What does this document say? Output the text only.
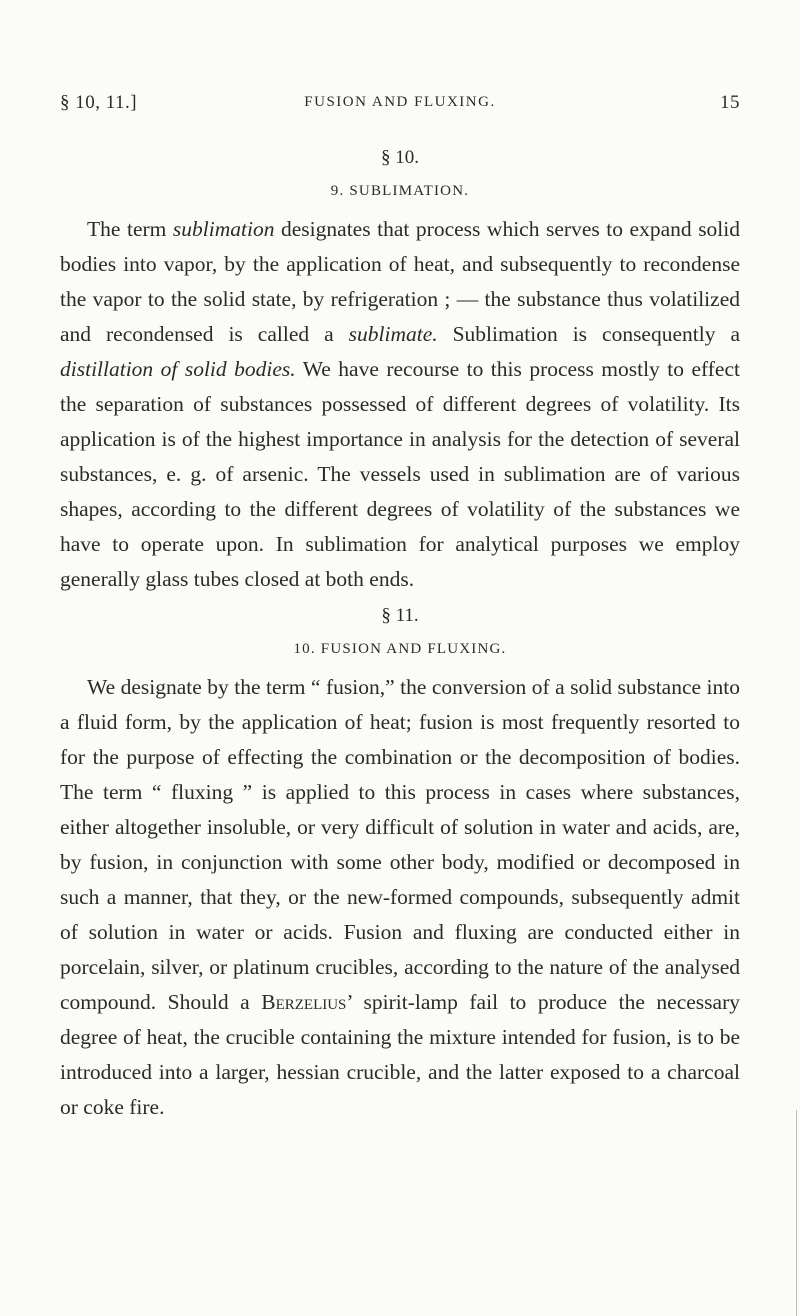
§ 10, 11.]	FUSION AND FLUXING.	15

§ 10.

9. SUBLIMATION.

The term sublimation designates that process which serves to expand solid bodies into vapor, by the application of heat, and subsequently to recondense the vapor to the solid state, by refrigeration ; — the substance thus volatilized and recondensed is called a sublimate. Sublimation is consequently a distillation of solid bodies. We have recourse to this process mostly to effect the separation of substances possessed of different degrees of volatility. Its application is of the highest importance in analysis for the detection of several substances, e. g. of arsenic. The vessels used in sublimation are of various shapes, according to the different degrees of volatility of the substances we have to operate upon. In sublimation for analytical purposes we employ generally glass tubes closed at both ends.

§ 11.

10. FUSION AND FLUXING.

We designate by the term “ fusion,” the conversion of a solid substance into a fluid form, by the application of heat; fusion is most frequently resorted to for the purpose of effecting the combination or the decomposition of bodies. The term “ fluxing ” is applied to this process in cases where substances, either altogether insoluble, or very difficult of solution in water and acids, are, by fusion, in conjunction with some other body, modified or decomposed in such a manner, that they, or the new-formed compounds, subsequently admit of solution in water or acids. Fusion and fluxing are conducted either in porcelain, silver, or platinum crucibles, according to the nature of the analysed compound. Should a Berzelius’ spirit-lamp fail to produce the necessary degree of heat, the crucible containing the mixture intended for fusion, is to be introduced into a larger, hessian crucible, and the latter exposed to a charcoal or coke fire.
